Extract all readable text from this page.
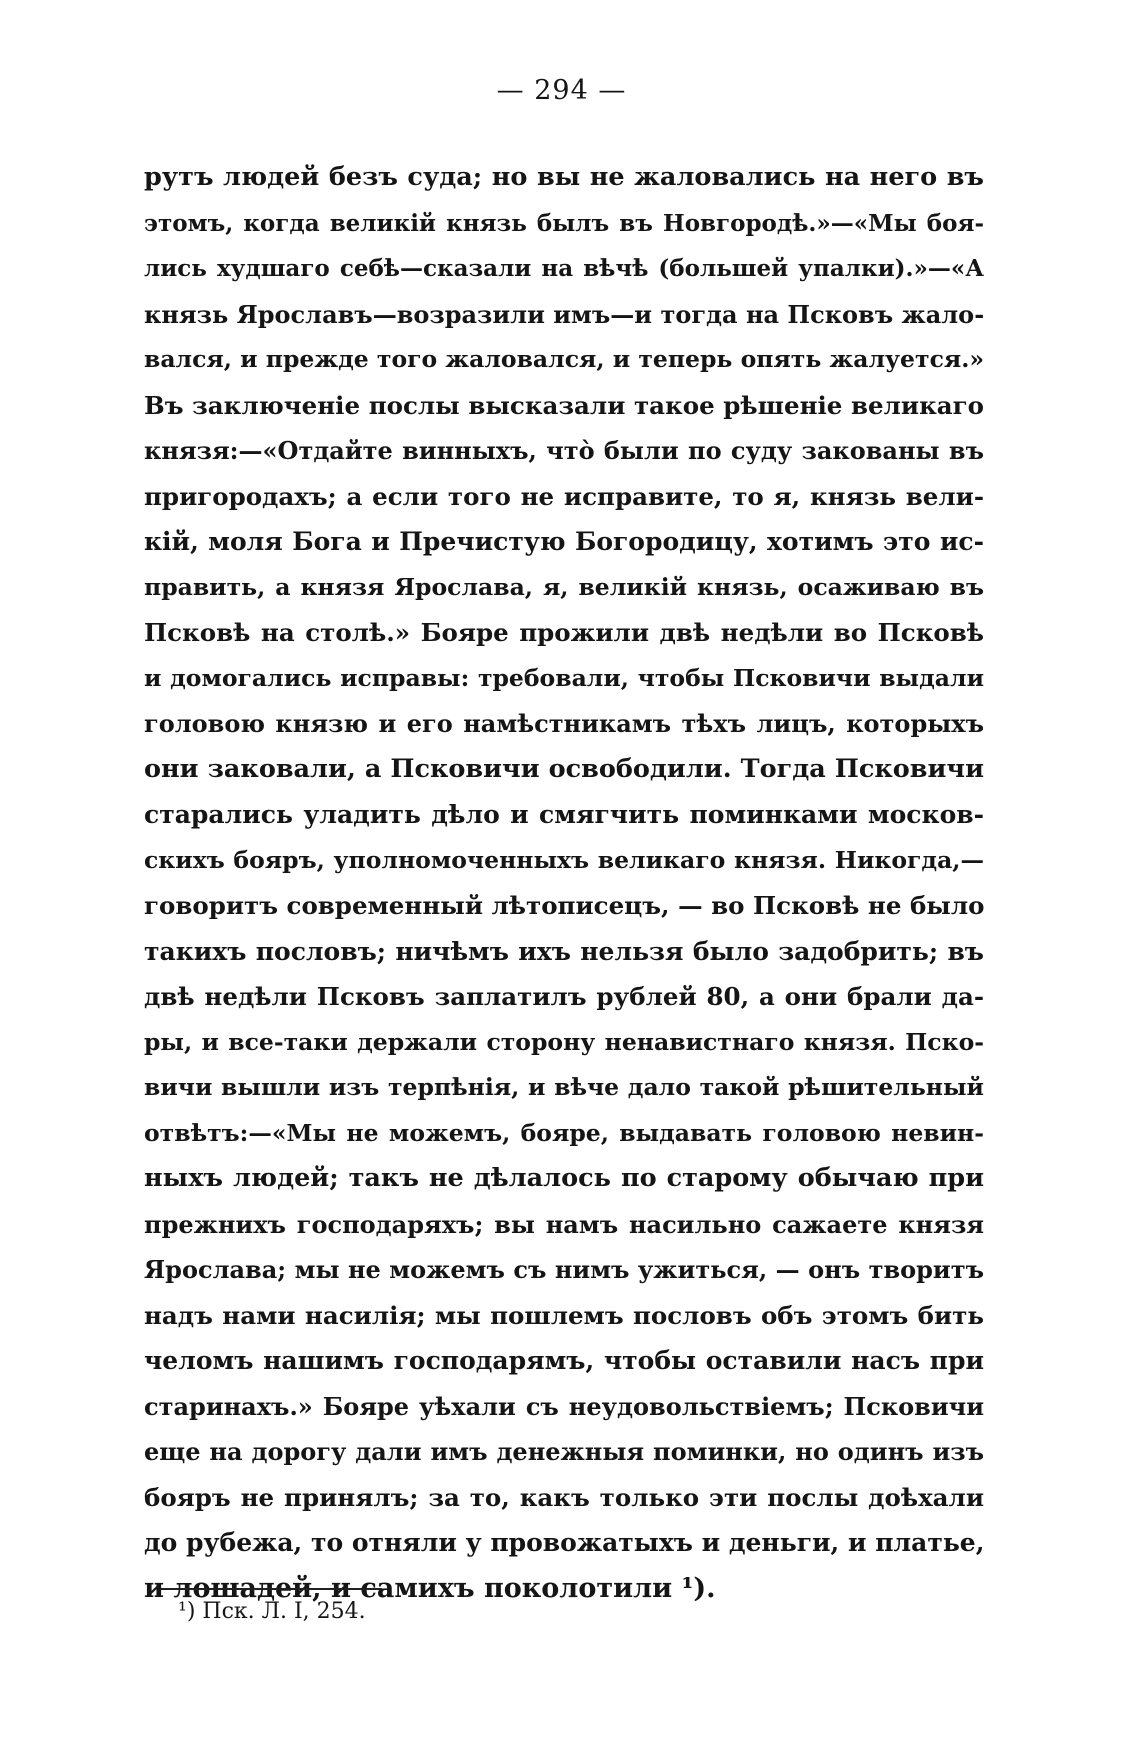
— 294 —
рутъ людей безъ суда; но вы не жаловались на него въ
этомъ, когда великій князь былъ въ Новгородѣ.»—«Мы боя-
лись худшаго себѣ—сказали на вѣчѣ (большей упалки).»—«А
князь Ярославъ—возразили имъ—и тогда на Псковъ жало-
вался, и прежде того жаловался, и теперь опять жалуется.»
Въ заключеніе послы высказали такое рѣшеніе великаго
князя:—«Отдайте винныхъ, что̀ были по суду закованы въ
пригородахъ; а если того не исправите, то я, князь вели-
кій, моля Бога и Пречистую Богородицу, хотимъ это ис-
править, а князя Ярослава, я, великій князь, осаживаю въ
Псковѣ на столѣ.» Бояре прожили двѣ недѣли во Псковѣ
и домогались исправы: требовали, чтобы Псковичи выдали
головою князю и его намѣстникамъ тѣхъ лицъ, которыхъ
они заковали, а Псковичи освободили. Тогда Псковичи
старались уладить дѣло и смягчить поминками москов-
скихъ бояръ, уполномоченныхъ великаго князя. Никогда,—
говоритъ современный лѣтописецъ, — во Псковѣ не было
такихъ пословъ; ничѣмъ ихъ нельзя было задобрить; въ
двѣ недѣли Псковъ заплатилъ рублей 80, а они брали да-
ры, и все-таки держали сторону ненавистнаго князя. Пско-
вичи вышли изъ терпѣнія, и вѣче дало такой рѣшительный
отвѣтъ:—«Мы не можемъ, бояре, выдавать головою невин-
ныхъ людей; такъ не дѣлалось по старому обычаю при
прежнихъ господаряхъ; вы намъ насильно сажаете князя
Ярослава; мы не можемъ съ нимъ ужиться, — онъ творитъ
надъ нами насилія; мы пошлемъ пословъ объ этомъ бить
челомъ нашимъ господарямъ, чтобы оставили насъ при
старинахъ.» Бояре уѣхали съ неудовольствіемъ; Псковичи
еще на дорогу дали имъ денежныя поминки, но одинъ изъ
бояръ не принялъ; за то, какъ только эти послы доѣхали
до рубежа, то отняли у провожатыхъ и деньги, и платье,
и лошадей, и самихъ поколотили ¹).
¹) Пск. Л. I, 254.
